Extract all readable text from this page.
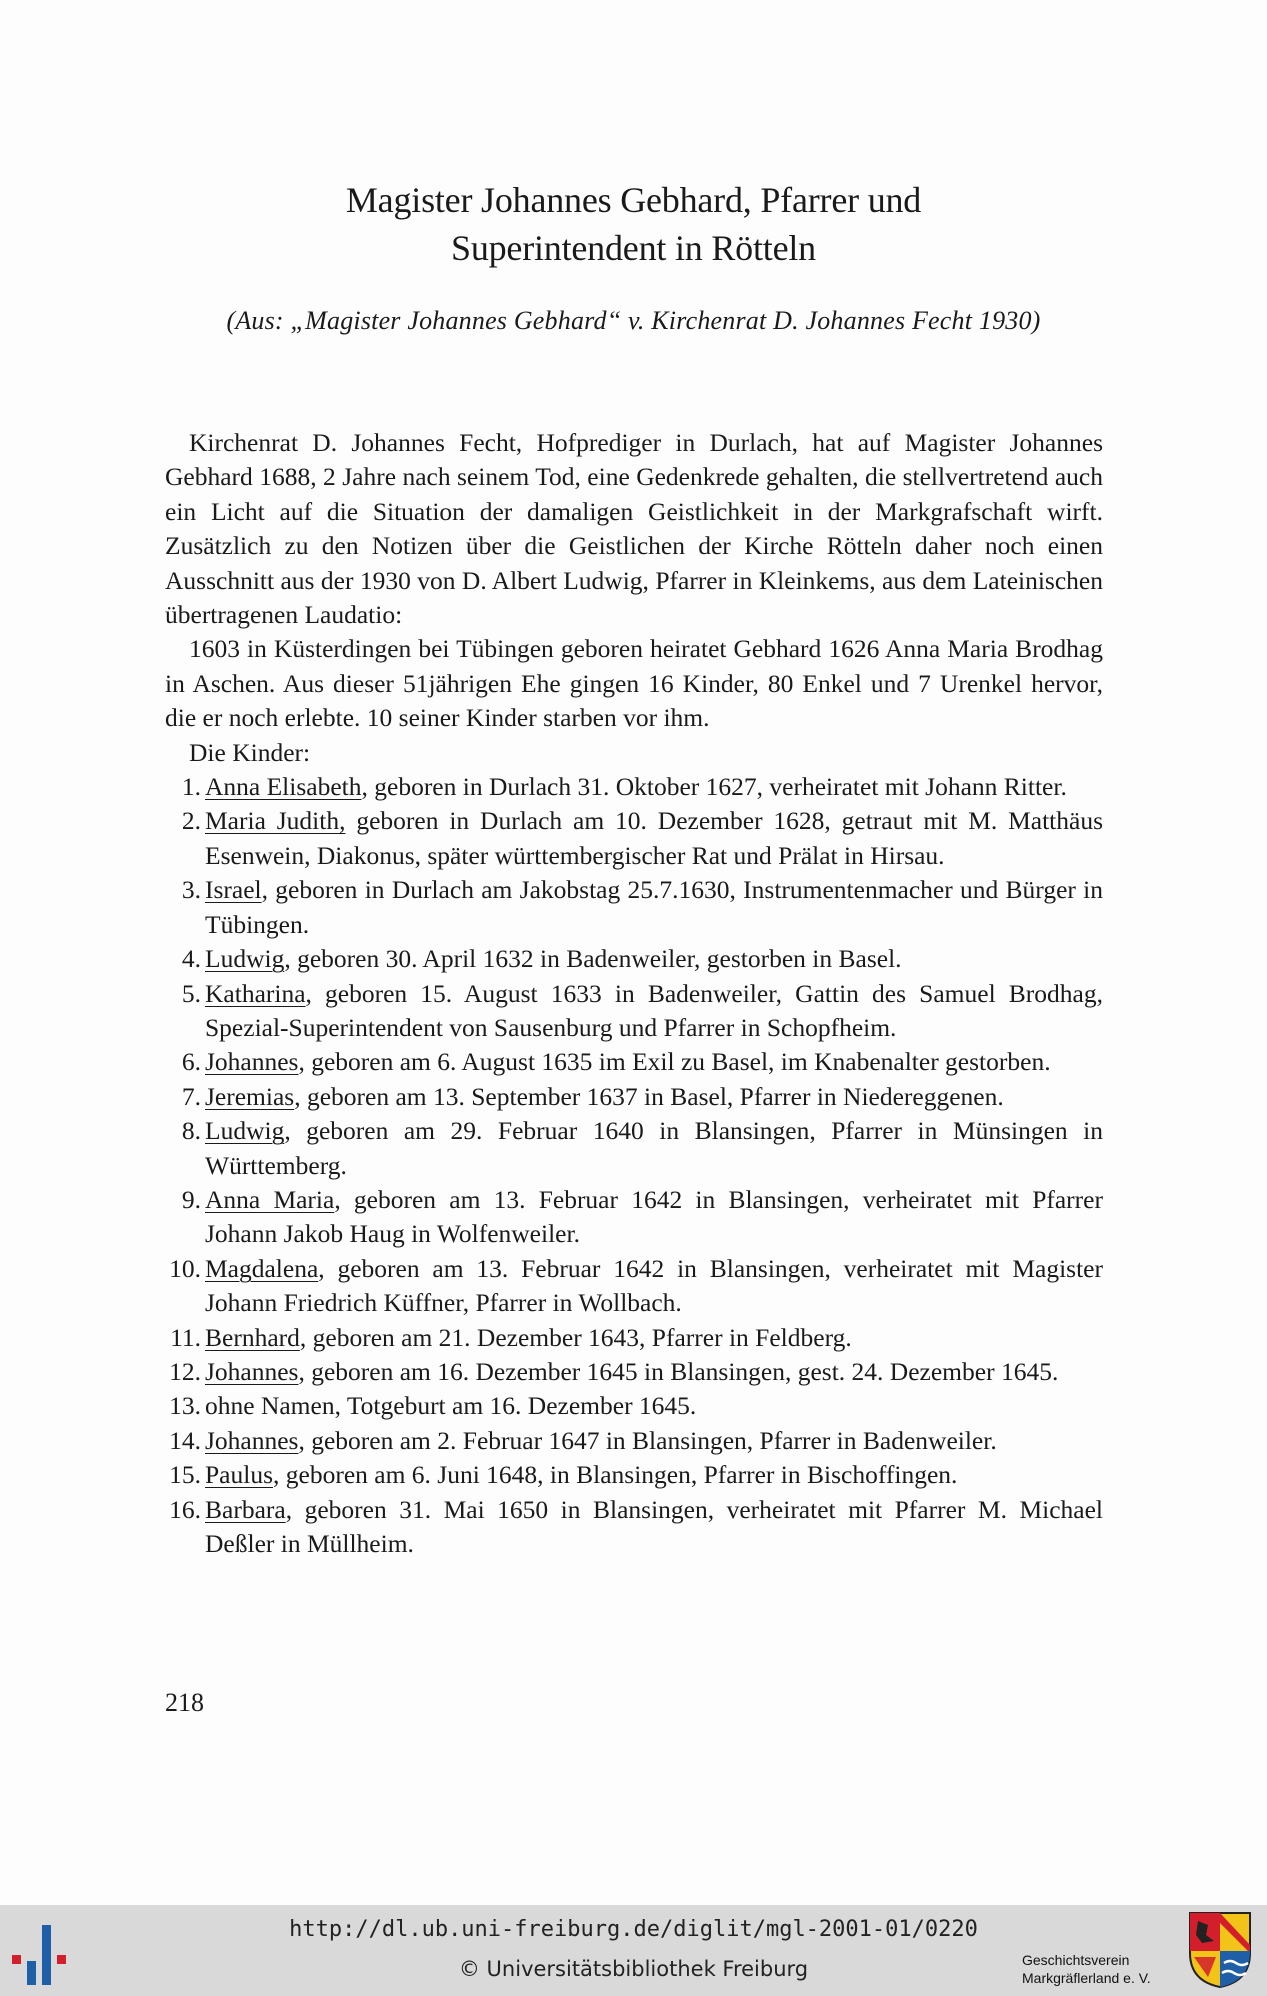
Magister Johannes Gebhard, Pfarrer und
Superintendent in Rötteln
(Aus: „Magister Johannes Gebhard“ v. Kirchenrat D. Johannes Fecht 1930)

Kirchenrat D. Johannes Fecht, Hofprediger in Durlach, hat auf Magister Johannes Gebhard 1688, 2 Jahre nach seinem Tod, eine Gedenkrede gehalten, die stellvertretend auch ein Licht auf die Situation der damaligen Geistlichkeit in der Markgrafschaft wirft. Zusätzlich zu den Notizen über die Geistlichen der Kirche Rötteln daher noch einen Ausschnitt aus der 1930 von D. Albert Ludwig, Pfarrer in Kleinkems, aus dem Lateinischen übertragenen Laudatio:

1603 in Küsterdingen bei Tübingen geboren heiratet Gebhard 1626 Anna Maria Brodhag in Aschen. Aus dieser 51jährigen Ehe gingen 16 Kinder, 80 Enkel und 7 Urenkel hervor, die er noch erlebte. 10 seiner Kinder starben vor ihm.

Die Kinder:

1. Anna Elisabeth, geboren in Durlach 31. Oktober 1627, verheiratet mit Johann Ritter.
2. Maria Judith, geboren in Durlach am 10. Dezember 1628, getraut mit M. Matthäus Esenwein, Diakonus, später württembergischer Rat und Prälat in Hirsau.
3. Israel, geboren in Durlach am Jakobstag 25.7.1630, Instrumentenmacher und Bürger in Tübingen.
4. Ludwig, geboren 30. April 1632 in Badenweiler, gestorben in Basel.
5. Katharina, geboren 15. August 1633 in Badenweiler, Gattin des Samuel Brodhag, Spezial-Superintendent von Sausenburg und Pfarrer in Schopfheim.
6. Johannes, geboren am 6. August 1635 im Exil zu Basel, im Knabenalter gestorben.
7. Jeremias, geboren am 13. September 1637 in Basel, Pfarrer in Niedereggenen.
8. Ludwig, geboren am 29. Februar 1640 in Blansingen, Pfarrer in Münsingen in Württemberg.
9. Anna Maria, geboren am 13. Februar 1642 in Blansingen, verheiratet mit Pfarrer Johann Jakob Haug in Wolfenweiler.
10. Magdalena, geboren am 13. Februar 1642 in Blansingen, verheiratet mit Magister Johann Friedrich Küffner, Pfarrer in Wollbach.
11. Bernhard, geboren am 21. Dezember 1643, Pfarrer in Feldberg.
12. Johannes, geboren am 16. Dezember 1645 in Blansingen, gest. 24. Dezember 1645.
13. ohne Namen, Totgeburt am 16. Dezember 1645.
14. Johannes, geboren am 2. Februar 1647 in Blansingen, Pfarrer in Badenweiler.
15. Paulus, geboren am 6. Juni 1648, in Blansingen, Pfarrer in Bischoffingen.
16. Barbara, geboren 31. Mai 1650 in Blansingen, verheiratet mit Pfarrer M. Michael Deßler in Müllheim.
218
http://dl.ub.uni-freiburg.de/diglit/mgl-2001-01/0220
© Universitätsbibliothek Freiburg	Geschichtsverein
Markgräflerland e. V.
